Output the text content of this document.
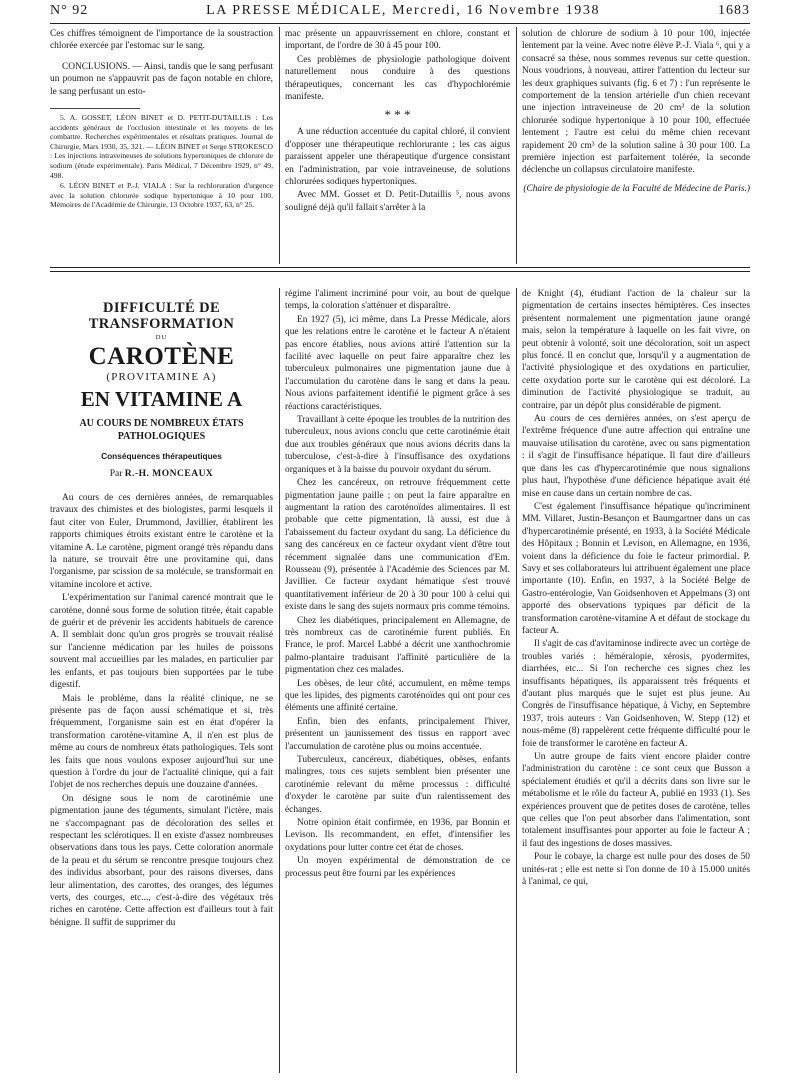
N° 92	LA PRESSE MÉDICALE, Mercredi, 16 Novembre 1938	1683

Ces chiffres témoignent de l'importance de la soustraction chlorée exercée par l'estomac sur le sang.

CONCLUSIONS. — Ainsi, tandis que le sang perfusant un poumon ne s'appauvrit pas de façon notable en chlore, le sang perfusant un esto-

5. A. GOSSET, LÉON BINET et D. PETIT-DUTAILLIS : Les accidents généraux de l'occlusion intestinale et les moyens de les combattre. Recherches expérimentales et résultats pratiques. Journal de Chirurgie, Mars 1930, 35, 321. — LÉON BINET et Serge STROKESCO : Les injections intraveineuses de solutions hypertoniques de chlorure de sodium (étude expérimentale). Paris Médical, 7 Décembre 1929, n° 49, 498.

6. LÉON BINET et P.-J. VIALA : Sur la rechloruration d'urgence avec la solution chlorurée sodique hypertonique à 10 pour 100. Mémoires de l'Académie de Chirurgie, 13 Octobre 1937, 63, n° 25.

mac présente un appauvrissement en chlore, constant et important, de l'ordre de 30 à 45 pour 100.

Ces problèmes de physiologie pathologique doivent naturellement nous conduire à des questions thérapeutiques, concernant les cas d'hypochlorémie manifeste.

* * *

A une réduction accentuée du capital chloré, il convient d'opposer une thérapeutique rechlorurante ; les cas aigus paraissent appeler une thérapeutique d'urgence consistant en l'administration, par voie intraveineuse, de solutions chlorurées sodiques hypertoniques.

Avec MM. Gosset et D. Petit-Dutaillis ⁵, nous avons souligné déjà qu'il fallait s'arrêter à la

solution de chlorure de sodium à 10 pour 100, injectée lentement par la veine. Avec notre élève P.-J. Viala ⁶, qui y a consacré sa thèse, nous sommes revenus sur cette question. Nous voudrions, à nouveau, attirer l'attention du lecteur sur les deux graphiques suivants (fig. 6 et 7) : l'un représente le comportement de la tension artérielle d'un chien recevant une injection intraveineuse de 20 cm³ de la solution chlorurée sodique hypertonique à 10 pour 100, effectuée lentement ; l'autre est celui du même chien recevant rapidement 20 cm³ de la solution saline à 30 pour 100. La première injection est parfaitement tolérée, la seconde déclenche un collapsus circulatoire manifeste.

(Chaire de physiologie de la Faculté de Médecine de Paris.)
DIFFICULTÉ DE TRANSFORMATION
DU
CAROTÈNE
(PROVITAMINE A)
EN VITAMINE A
AU COURS DE NOMBREUX ÉTATS PATHOLOGIQUES
Conséquences thérapeutiques
Par R.-H. MONCEAUX

Au cours de ces dernières années, de remarquables travaux des chimistes et des biologistes, parmi lesquels il faut citer von Euler, Drummond, Javillier, établirent les rapports chimiques étroits existant entre le carotène et la vitamine A. Le carotène, pigment orangé très répandu dans la nature, se trouvait être une provitamine qui, dans l'organisme, par scission de sa molécule, se transformait en vitamine incolore et active.

L'expérimentation sur l'animal carencé montrait que le carotène, donné sous forme de solution titrée, était capable de guérir et de prévenir les accidents habituels de carence A. Il semblait donc qu'un gros progrès se trouvait réalisé sur l'ancienne médication par les huiles de poissons souvent mal accueillies par les malades, en particulier par les enfants, et pas toujours bien supportées par le tube digestif.

Mais le problème, dans la réalité clinique, ne se présente pas de façon aussi schématique et si, très fréquemment, l'organisme sain est en état d'opérer la transformation carotène-vitamine A, il n'en est plus de même au cours de nombreux états pathologiques. Tels sont les faits que nous voulons exposer aujourd'hui sur une question à l'ordre du jour de l'actualité clinique, qui a fait l'objet de nos recherches depuis une douzaine d'années.

On désigne sous le nom de carotinémie une pigmentation jaune des téguments, simulant l'ictère, mais ne s'accompagnant pas de décoloration des selles et respectant les sclérotiques. Il en existe d'assez nombreuses observations dans tous les pays. Cette coloration anormale de la peau et du sérum se rencontre presque toujours chez des individus absorbant, pour des raisons diverses, dans leur alimentation, des carottes, des oranges, des légumes verts, des courges, etc..., c'est-à-dire des végétaux très riches en carotène. Cette affection est d'ailleurs tout à fait bénigne. Il suffit de supprimer du

régime l'aliment incriminé pour voir, au bout de quelque temps, la coloration s'atténuer et disparaître.

En 1927 (5), ici même, dans La Presse Médicale, alors que les relations entre le carotène et le facteur A n'étaient pas encore établies, nous avions attiré l'attention sur la facilité avec laquelle on peut faire apparaître chez les tuberculeux pulmonaires une pigmentation jaune due à l'accumulation du carotène dans le sang et dans la peau. Nous avions parfaitement identifié le pigment grâce à ses réactions caractéristiques.

Travaillant à cette époque les troubles de la nutrition des tuberculeux, nous avions conclu que cette carotinémie était due aux troubles généraux que nous avions décrits dans la tuberculose, c'est-à-dire à l'insuffisance des oxydations organiques et à la baisse du pouvoir oxydant du sérum.

Chez les cancéreux, on retrouve fréquemment cette pigmentation jaune paille ; on peut la faire apparaître en augmentant la ration des caroténoïdes alimentaires. Il est probable que cette pigmentation, là aussi, est due à l'abaissement du facteur oxydant du sang. La déficience du sang des cancéreux en ce facteur oxydant vient d'être tout récemment signalée dans une communication d'Em. Rousseau (9), présentée à l'Académie des Sciences par M. Javillier. Ce facteur oxydant hématique s'est trouvé quantitativement inférieur de 20 à 30 pour 100 à celui qui existe dans le sang des sujets normaux pris comme témoins.

Chez les diabétiques, principalement en Allemagne, de très nombreux cas de carotinémie furent publiés. En France, le prof. Marcel Labbé a décrit une xanthochromie palmo-plantaire traduisant l'affinité particulière de la pigmentation chez ces malades.

Les obèses, de leur côté, accumulent, en même temps que les lipides, des pigments caroténoïdes qui ont pour ces éléments une affinité certaine.

Enfin, bien des enfants, principalement l'hiver, présentent un jaunissement des tissus en rapport avec l'accumulation de carotène plus ou moins accentuée.

Tuberculeux, cancéreux, diabétiques, obèses, enfants malingres, tous ces sujets semblent bien présenter une carotinémie relevant du même processus : difficulté d'oxyder le carotène par suite d'un ralentissement des échanges.

Notre opinion était confirmée, en 1936, par Bonnin et Levison. Ils recommandent, en effet, d'intensifier les oxydations pour lutter contre cet état de choses.

Un moyen expérimental de démonstration de ce processus peut être fourni par les expériences

de Knight (4), étudiant l'action de la chaleur sur la pigmentation de certains insectes hémiptères. Ces insectes présentent normalement une pigmentation jaune orangé mais, selon la température à laquelle on les fait vivre, on peut obtenir à volonté, soit une décoloration, soit un aspect plus foncé. Il en conclut que, lorsqu'il y a augmentation de l'activité physiologique et des oxydations en particulier, cette oxydation porte sur le carotène qui est décoloré. La diminution de l'activité physiologique se traduit, au contraire, par un dépôt plus considérable de pigment.

Au cours de ces dernières années, on s'est aperçu de l'extrême fréquence d'une autre affection qui entraîne une mauvaise utilisation du carotène, avec ou sans pigmentation : il s'agit de l'insuffisance hépatique. Il faut dire d'ailleurs que dans les cas d'hypercarotinémie que nous signalions plus haut, l'hypothèse d'une déficience hépatique avait été mise en cause dans un certain nombre de cas.

C'est également l'insuffisance hépatique qu'incriminent MM. Villaret, Justin-Besançon et Baumgartner dans un cas d'hypercarotinémie présenté, en 1933, à la Société Médicale des Hôpitaux ; Bonnin et Levison, en Allemagne, en 1936, voient dans la déficience du foie le facteur primordial. P. Savy et ses collaborateurs lui attribuent également une place importante (10). Enfin, en 1937, à la Société Belge de Gastro-entérologie, Van Goidsenhoven et Appelmans (3) ont apporté des observations typiques par déficit de la transformation carotène-vitamine A et défaut de stockage du facteur A.

Il s'agit de cas d'avitaminose indirecte avec un cortège de troubles variés : héméralopie, xérosis, pyodermites, diarrhées, etc... Si l'on recherche ces signes chez les insuffisants hépatiques, ils apparaissent très fréquents et d'autant plus marqués que le sujet est plus jeune. Au Congrès de l'insuffisance hépatique, à Vichy, en Septembre 1937, trois auteurs : Van Goidsenhoven, W. Stepp (12) et nous-même (8) rappelèrent cette fréquente difficulté pour le foie de transformer le carotène en facteur A.

Un autre groupe de faits vient encore plaider contre l'administration du carotène : ce sont ceux que Busson a spécialement étudiés et qu'il a décrits dans son livre sur le métabolisme et le rôle du facteur A, publié en 1933 (1). Ses expériences prouvent que de petites doses de carotène, telles que celles que l'on peut absorber dans l'alimentation, sont totalement insuffisantes pour apporter au foie le facteur A ; il faut des ingestions de doses massives.

Pour le cobaye, la charge est nulle pour des doses de 50 unités-rat ; elle est nette si l'on donne de 10 à 15.000 unités à l'animal, ce qui,
